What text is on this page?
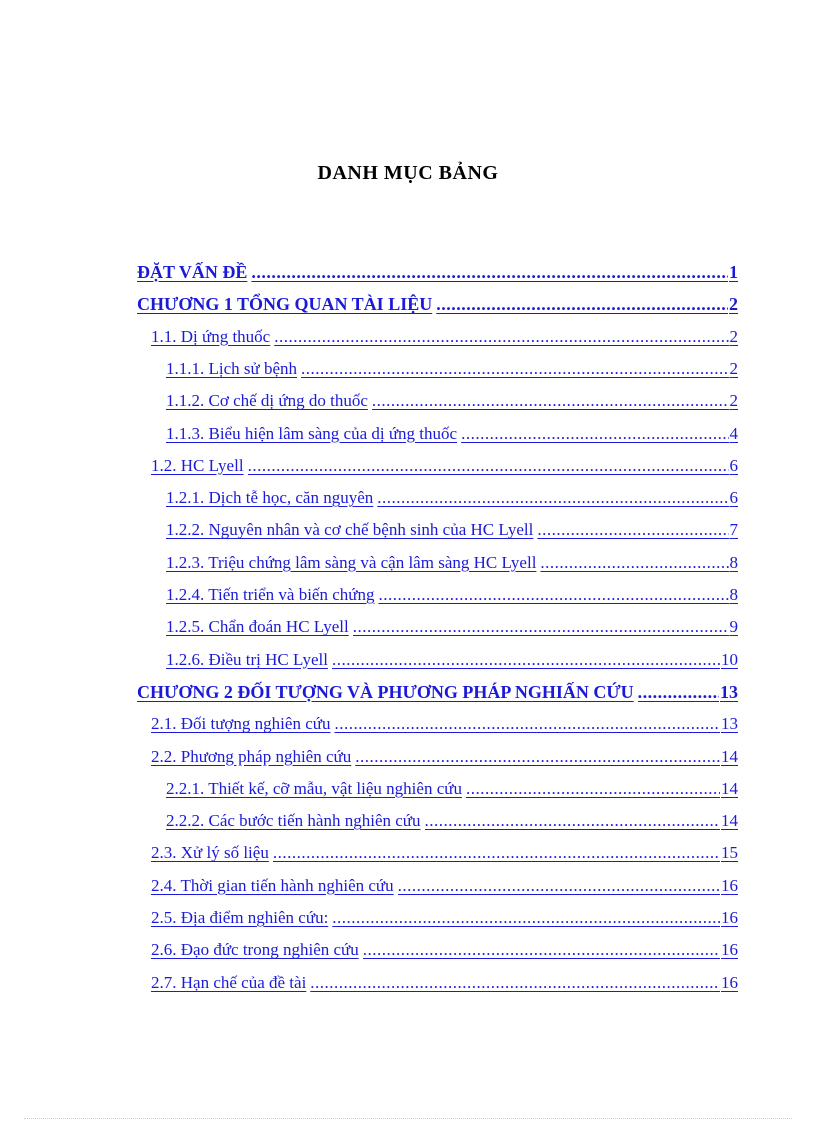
DANH MỤC BẢNG
ĐẶT VẤN ĐỀ .....	1
CHƯƠNG 1 TỔNG QUAN TÀI LIỆU .....	2
1.1. Dị ứng thuốc .....	2
1.1.1. Lịch sử bệnh .....	2
1.1.2. Cơ chế dị ứng do thuốc .....	2
1.1.3. Biểu hiện lâm sàng của dị ứng thuốc .....	4
1.2. HC Lyell .....	6
1.2.1. Dịch tễ học, căn nguyên .....	6
1.2.2. Nguyên nhân và cơ chế bệnh sinh của HC Lyell .....	7
1.2.3. Triệu chứng lâm sàng và cận lâm sàng HC Lyell .....	8
1.2.4. Tiến triển và biến chứng .....	8
1.2.5. Chẩn đoán HC Lyell .....	9
1.2.6. Điều trị HC Lyell .....	10
CHƯƠNG 2 ĐỐI TƯỢNG VÀ PHƯƠNG PHÁP NGHIẤN CỨU .....	13
2.1. Đối tượng nghiên cứu .....	13
2.2. Phương pháp nghiên cứu .....	14
2.2.1. Thiết kế, cỡ mẫu, vật liệu nghiên cứu .....	14
2.2.2. Các bước tiến hành nghiên cứu .....	14
2.3. Xử lý số liệu .....	15
2.4. Thời gian tiến hành nghiên cứu .....	16
2.5. Địa điểm nghiên cứu: .....	16
2.6. Đạo đức trong nghiên cứu .....	16
2.7. Hạn chế của đề tài .....	16
